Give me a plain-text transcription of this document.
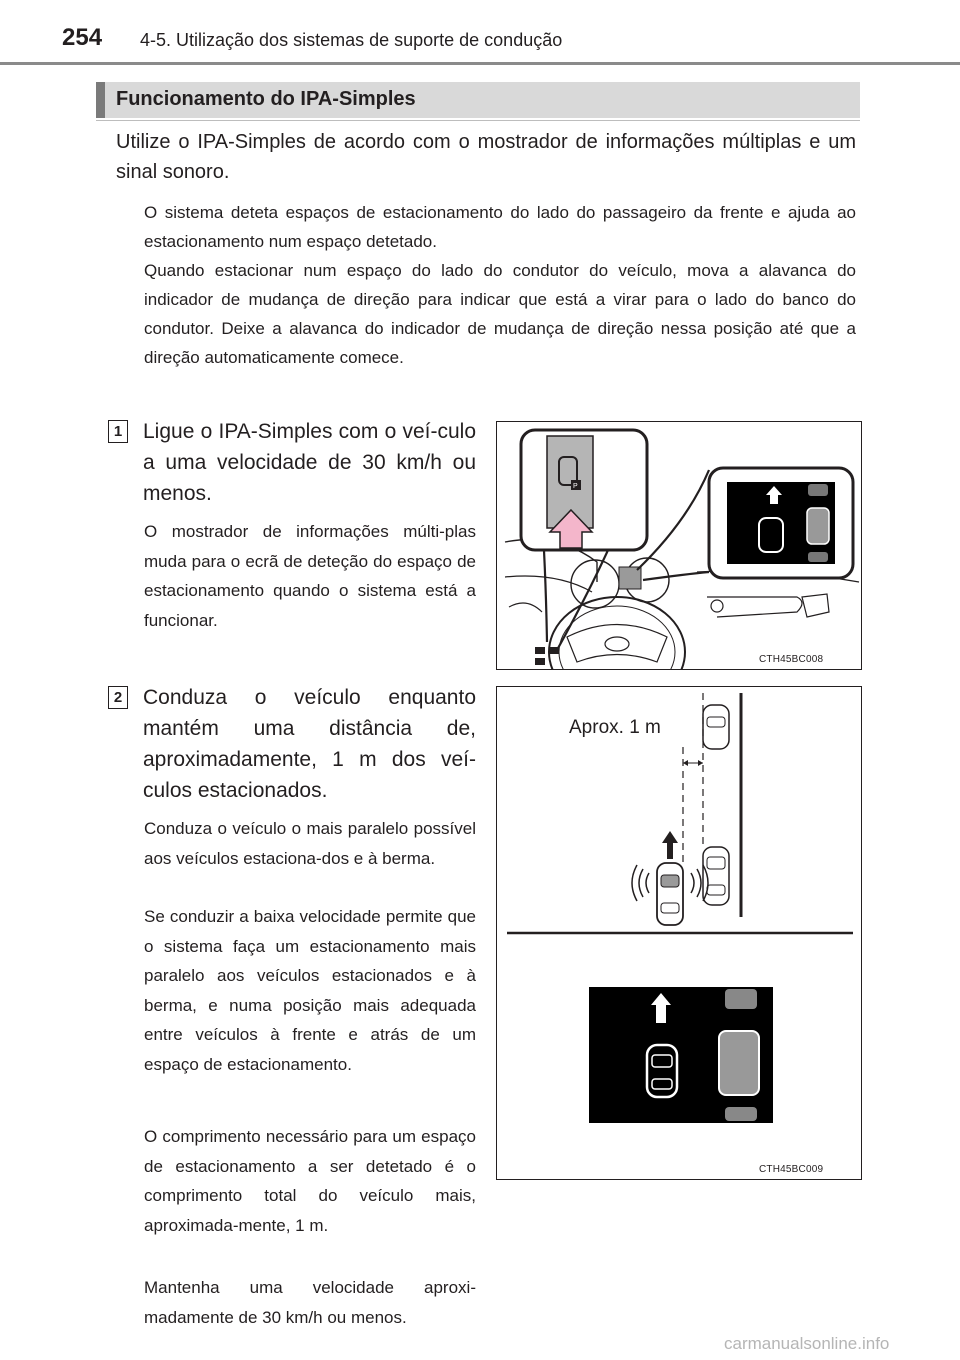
254 4-5. Utilização dos sistemas de suporte de condução
Funcionamento do IPA-Simples
Utilize o IPA-Simples de acordo com o mostrador de informações múltiplas e um sinal sonoro.
O sistema deteta espaços de estacionamento do lado do passageiro da frente e ajuda ao estacionamento num espaço detetado.
Quando estacionar num espaço do lado do condutor do veículo, mova a alavanca do indicador de mudança de direção para indicar que está a virar para o lado do banco do condutor. Deixe a alavanca do indicador de mudança de direção nessa posição até que a direção automaticamente comece.
1 Ligue o IPA-Simples com o veí-culo a uma velocidade de 30 km/h ou menos.
O mostrador de informações múlti-plas muda para o ecrã de deteção do espaço de estacionamento quando o sistema está a funcionar.
P
CTH45BC008
2 Conduza o veículo enquanto mantém uma distância de, aproximadamente, 1 m dos veí-culos estacionados.
Conduza o veículo o mais paralelo possível aos veículos estaciona-dos e à berma.
Se conduzir a baixa velocidade permite que o sistema faça um estacionamento mais paralelo aos veículos estacionados e à berma, e numa posição mais adequada entre veículos à frente e atrás de um espaço de estacionamento.
O comprimento necessário para um espaço de estacionamento a ser detetado é o comprimento total do veículo mais, aproximada-mente, 1 m.
Mantenha uma velocidade aproxi-madamente de 30 km/h ou menos.
Aprox. 1 m
CTH45BC009
carmanualsonline.info
